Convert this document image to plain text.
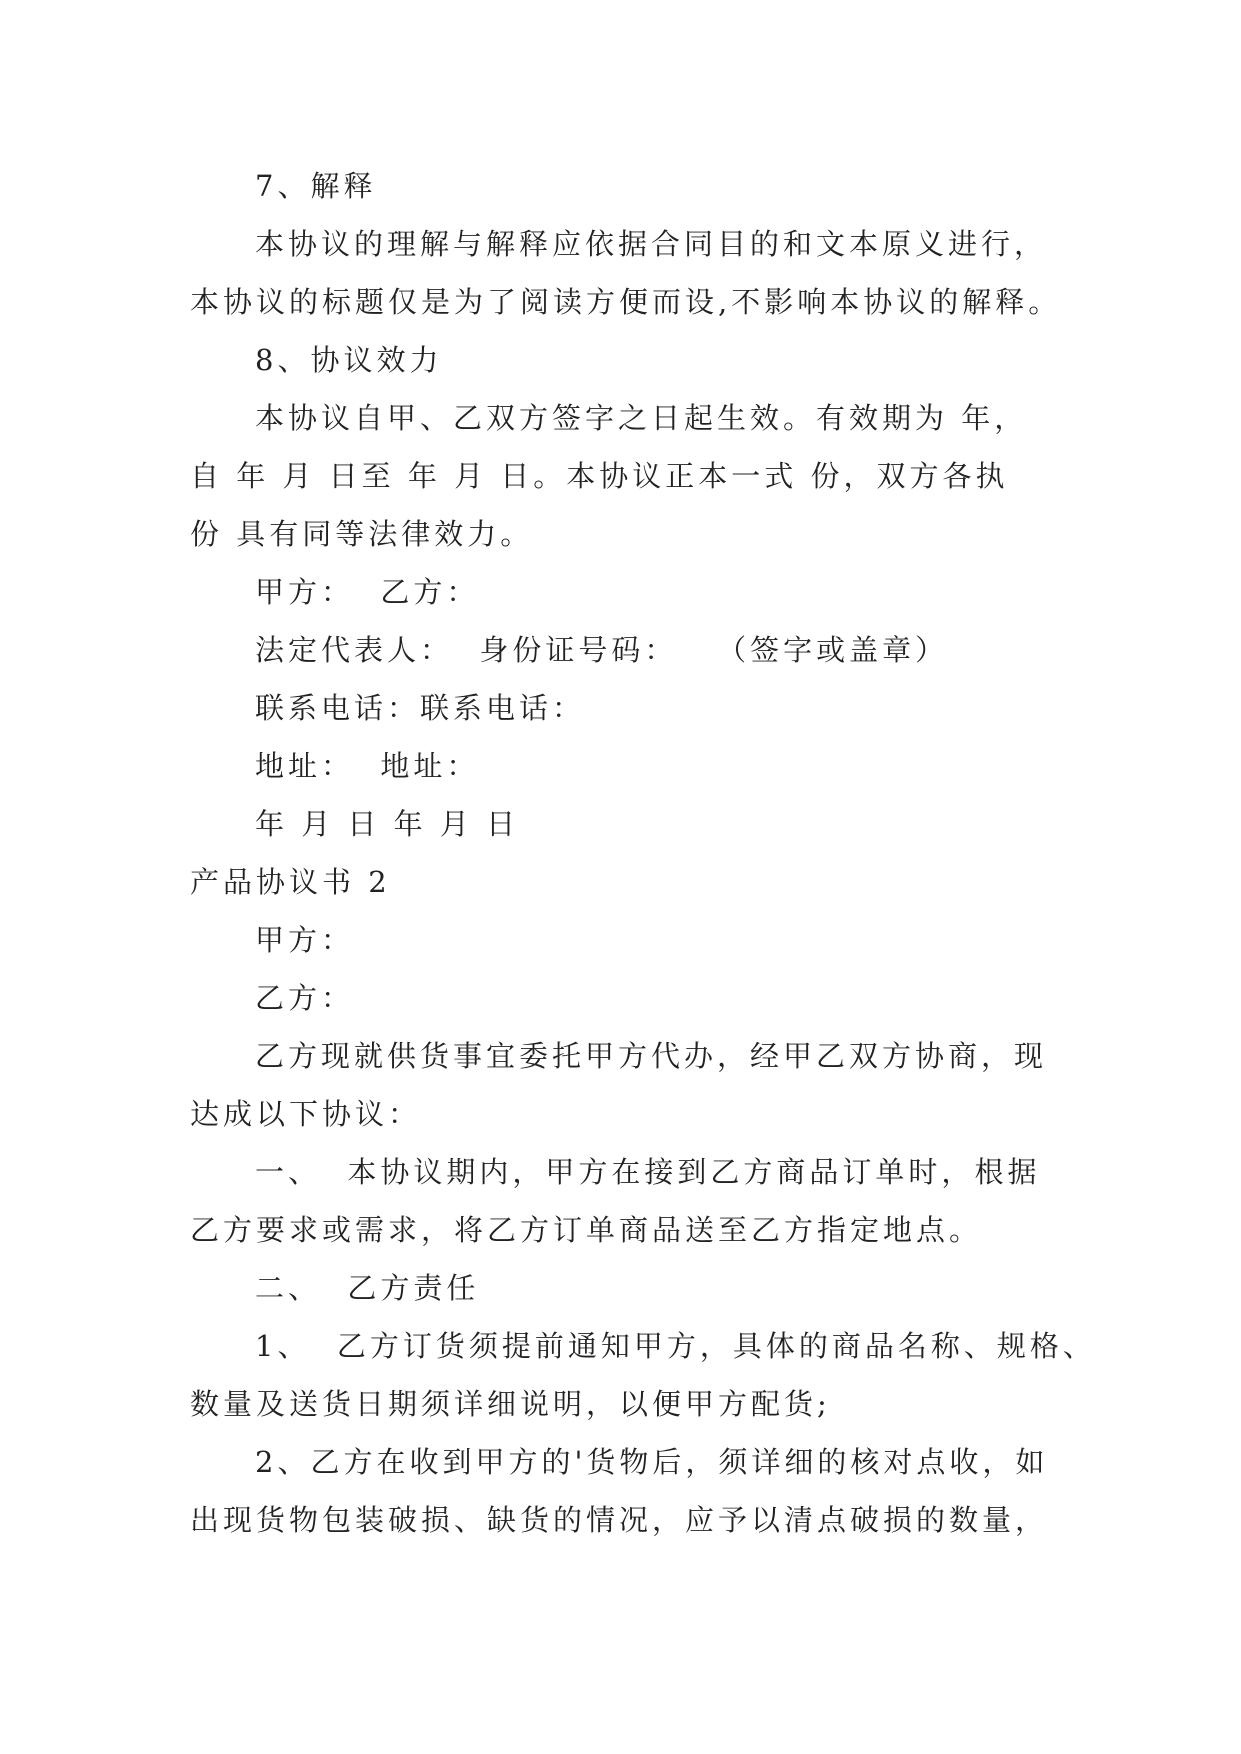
7、解释

本协议的理解与解释应依据合同目的和文本原义进行，

本协议的标题仅是为了阅读方便而设,不影响本协议的解释。

8、协议效力

本协议自甲、乙双方签字之日起生效。有效期为 年，

自 年 月 日至 年 月 日。本协议正本一式 份，双方各执

份 具有同等法律效力。

甲方：  乙方：

法定代表人：  身份证号码：   （签字或盖章）

联系电话：联系电话：

地址：  地址：

年 月 日 年 月 日

产品协议书 2

甲方：

乙方：

乙方现就供货事宜委托甲方代办，经甲乙双方协商，现

达成以下协议：

一、  本协议期内，甲方在接到乙方商品订单时，根据

乙方要求或需求，将乙方订单商品送至乙方指定地点。

二、  乙方责任

1、  乙方订货须提前通知甲方，具体的商品名称、规格、

数量及送货日期须详细说明，以便甲方配货;

2、乙方在收到甲方的'货物后，须详细的核对点收，如

出现货物包装破损、缺货的情况，应予以清点破损的数量，
